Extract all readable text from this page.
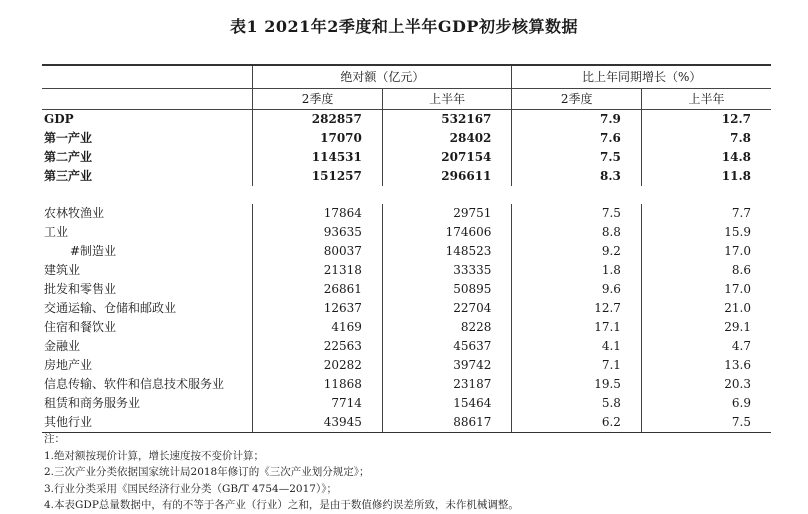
表1 2021年2季度和上半年GDP初步核算数据
	绝对额（亿元）		比上年同期增长（%）	
	2季度	上半年	2季度	上半年
GDP	282857	532167	7.9	12.7
第一产业	17070	28402	7.6	7.8
第二产业	114531	207154	7.5	14.8
第三产业	151257	296611	8.3	11.8

农林牧渔业	17864	29751	7.5	7.7
工业	93635	174606	8.8	15.9
#制造业	80037	148523	9.2	17.0
建筑业	21318	33335	1.8	8.6
批发和零售业	26861	50895	9.6	17.0
交通运输、仓储和邮政业	12637	22704	12.7	21.0
住宿和餐饮业	4169	8228	17.1	29.1
金融业	22563	45637	4.1	4.7
房地产业	20282	39742	7.1	13.6
信息传输、软件和信息技术服务业	11868	23187	19.5	20.3
租赁和商务服务业	7714	15464	5.8	6.9
其他行业	43945	88617	6.2	7.5
注：
1.绝对额按现价计算，增长速度按不变价计算；
2.三次产业分类依据国家统计局2018年修订的《三次产业划分规定》；
3.行业分类采用《国民经济行业分类（GB/T 4754—2017）》；
4.本表GDP总量数据中，有的不等于各产业（行业）之和，是由于数值修约误差所致，未作机械调整。
